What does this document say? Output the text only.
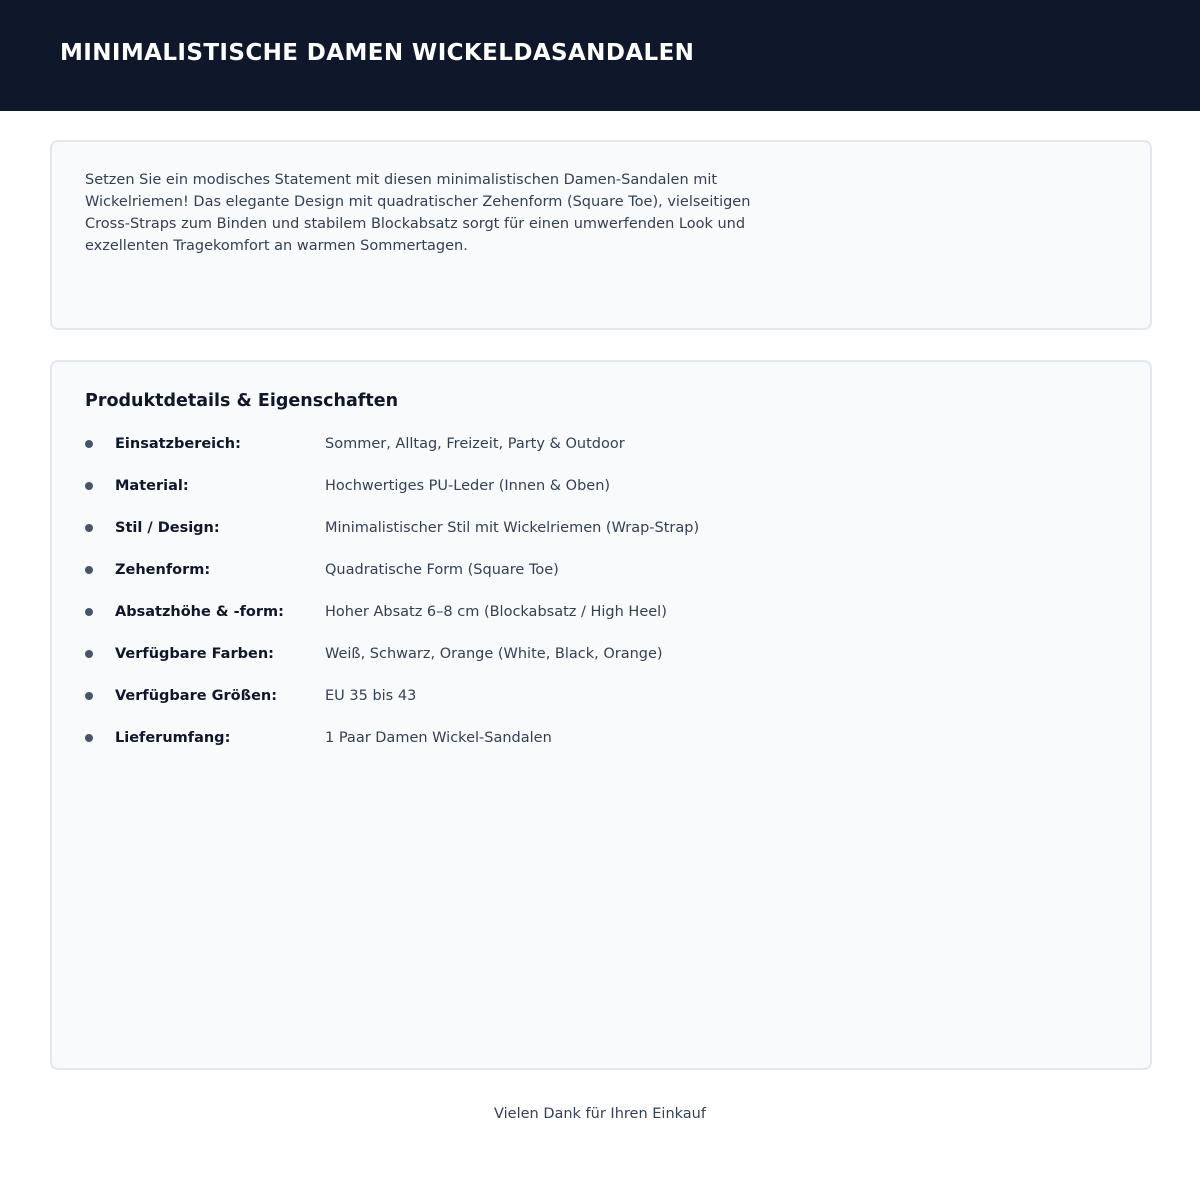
MINIMALISTISCHE DAMEN WICKELDASANDALEN

Setzen Sie ein modisches Statement mit diesen minimalistischen Damen-Sandalen mit Wickelriemen! Das elegante Design mit quadratischer Zehenform (Square Toe), vielseitigen Cross-Straps zum Binden und stabilem Blockabsatz sorgt für einen umwerfenden Look und exzellenten Tragekomfort an warmen Sommertagen.

Produktdetails & Eigenschaften
Einsatzbereich:	Sommer, Alltag, Freizeit, Party & Outdoor
Material:	Hochwertiges PU-Leder (Innen & Oben)
Stil / Design:	Minimalistischer Stil mit Wickelriemen (Wrap-Strap)
Zehenform:	Quadratische Form (Square Toe)
Absatzhöhe & -form:	Hoher Absatz 6–8 cm (Blockabsatz / High Heel)
Verfügbare Farben:	Weiß, Schwarz, Orange (White, Black, Orange)
Verfügbare Größen:	EU 35 bis 43
Lieferumfang:	1 Paar Damen Wickel-Sandalen

Vielen Dank für Ihren Einkauf
